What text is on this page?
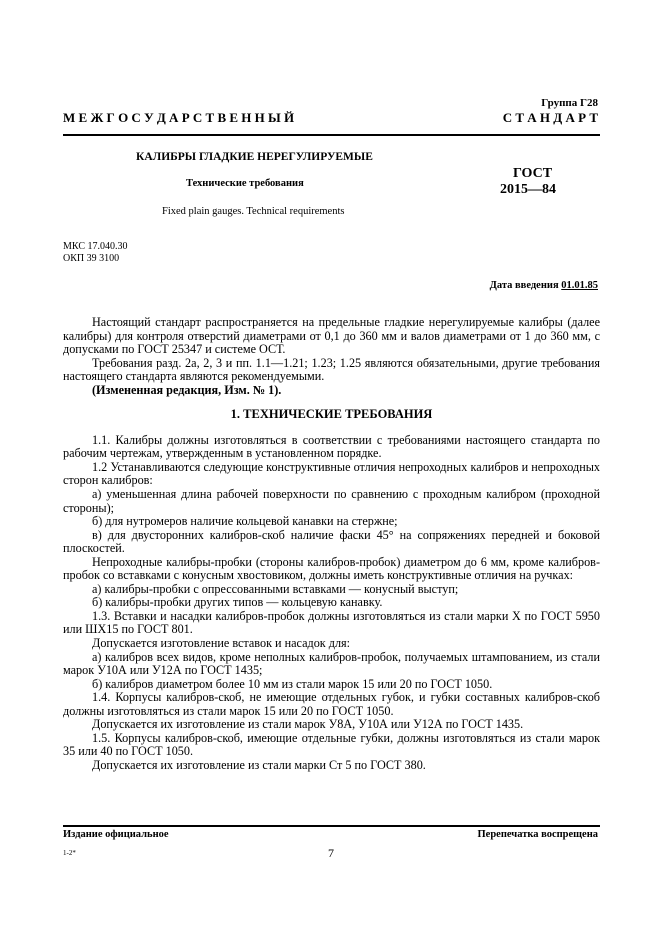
Группа Г28
М Е Ж Г О С У Д А Р С Т В Е Н Н Ы Й	С Т А Н Д А Р Т
КАЛИБРЫ ГЛАДКИЕ НЕРЕГУЛИРУЕМЫЕ
Технические требования
Fixed plain gauges. Technical requirements
ГОСТ
2015—84
МКС 17.040.30
ОКП 39 3100
Дата введения 01.01.85
Настоящий стандарт распространяется на предельные гладкие нерегулируемые калибры (далее
калибры) для контроля отверстий диаметрами от 0,1 до 360 мм и валов диаметрами от 1 до 360 мм, с
допусками по ГОСТ 25347 и системе ОСТ.
Требования разд. 2а, 2, 3 и пп. 1.1—1.21; 1.23; 1.25 являются обязательными, другие требования
настоящего стандарта являются рекомендуемыми.
(Измененная редакция, Изм. № 1).
1. ТЕХНИЧЕСКИЕ ТРЕБОВАНИЯ
1.1. Калибры должны изготовляться в соответствии с требованиями настоящего стандарта по
рабочим чертежам, утвержденным в установленном порядке.
1.2 Устанавливаются следующие конструктивные отличия непроходных калибров и непроходных
сторон калибров:
а) уменьшенная длина рабочей поверхности по сравнению с проходным калибром (проходной
стороны);
б) для нутромеров наличие кольцевой канавки на стержне;
в) для двусторонних калибров-скоб наличие фаски 45° на сопряжениях передней и боковой
плоскостей.
Непроходные калибры-пробки (стороны калибров-пробок) диаметром до 6 мм, кроме калибров-
пробок со вставками с конусным хвостовиком, должны иметь конструктивные отличия на ручках:
а) калибры-пробки с опрессованными вставками — конусный выступ;
б) калибры-пробки других типов — кольцевую канавку.
1.3. Вставки и насадки калибров-пробок должны изготовляться из стали марки Х по ГОСТ 5950
или ШХ15 по ГОСТ 801.
Допускается изготовление вставок и насадок для:
а) калибров всех видов, кроме неполных калибров-пробок, получаемых штампованием, из стали
марок У10А или У12А по ГОСТ 1435;
б) калибров диаметром более 10 мм из стали марок 15 или 20 по ГОСТ 1050.
1.4. Корпусы калибров-скоб, не имеющие отдельных губок, и губки составных калибров-скоб
должны изготовляться из стали марок 15 или 20 по ГОСТ 1050.
Допускается их изготовление из стали марок У8А, У10А или У12А по ГОСТ 1435.
1.5. Корпусы калибров-скоб, имеющие отдельные губки, должны изготовляться из стали марок
35 или 40 по ГОСТ 1050.
Допускается их изготовление из стали марки Ст 5 по ГОСТ 380.
Издание официальное	Перепечатка воспрещена
1-2*	7
